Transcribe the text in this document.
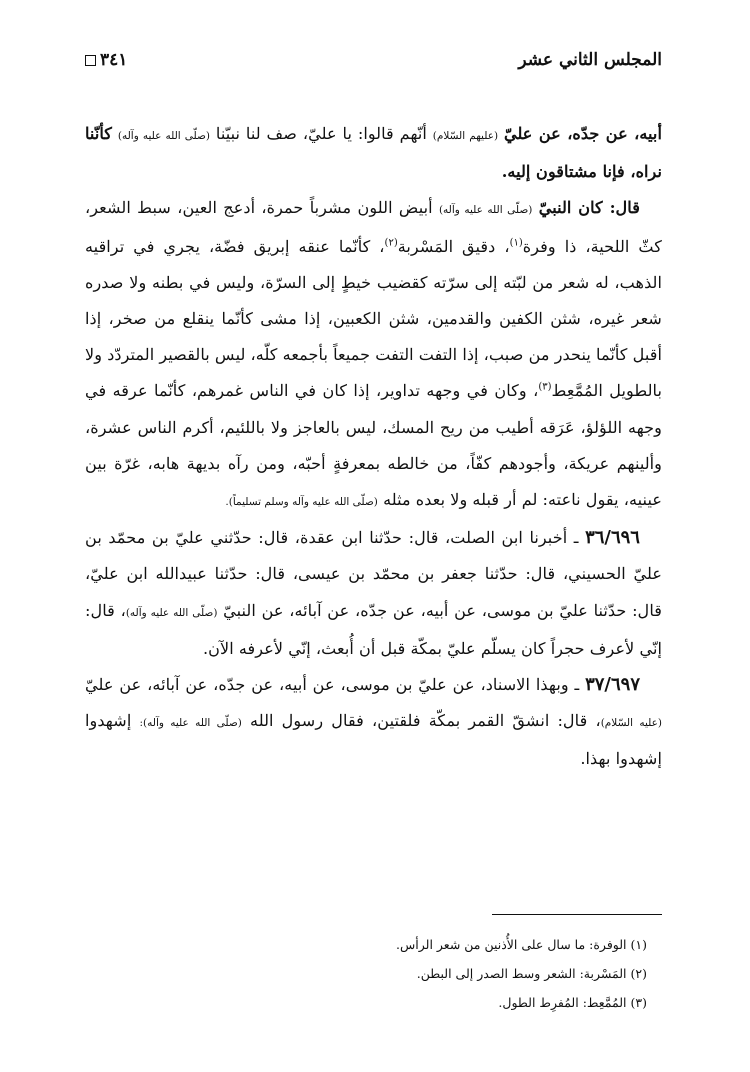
المجلس الثاني عشر
٣٤١

أبيه، عن جدّه، عن عليّ (عليهم السّلام) أنّهم قالوا: يا عليّ، صف لنا نبيّنا (صلّى الله عليه وآله) كأنّنا نراه، فإنا مشتاقون إليه.

قال: كان النبيّ (صلّى الله عليه وآله) أبيض اللون مشرباً حمرة، أدعج العين، سبط الشعر، كثّ اللحية، ذا وفرة$^{(١)}$، دقيق المَسْربة$^{(٢)}$، كأنّما عنقه إبريق فضّة، يجري في تراقيه الذهب، له شعر من لبّته إلى سرّته كقضيب خيطٍ إلى السرّة، وليس في بطنه ولا صدره شعر غيره، شثن الكفين والقدمين، شثن الكعبين، إذا مشى كأنّما ينقلع من صخر، إذا أقبل كأنّما ينحدر من صبب، إذا التفت التفت جميعاً بأجمعه كلّه، ليس بالقصير المتردّد ولا بالطويل المُمَّعِط$^{(٣)}$، وكان في وجهه تداوير، إذا كان في الناس غمرهم، كأنّما عرقه في وجهه اللؤلؤ، عَرَقه أطيب من ريح المسك، ليس بالعاجز ولا باللئيم، أكرم الناس عشرة، وألينهم عريكة، وأجودهم كفّاً، من خالطه بمعرفةٍ أحبّه، ومن رآه بديهة هابه، غرّة بين عينيه، يقول ناعته: لم أر قبله ولا بعده مثله (صلّى الله عليه وآله وسلم تسليماً).

٣٦/٦٩٦ ـ أخبرنا ابن الصلت، قال: حدّثنا ابن عقدة، قال: حدّثني عليّ بن محمّد بن عليّ الحسيني، قال: حدّثنا جعفر بن محمّد بن عيسى، قال: حدّثنا عبيدالله ابن عليّ، قال: حدّثنا عليّ بن موسى، عن أبيه، عن جدّه، عن آبائه، عن النبيّ (صلّى الله عليه وآله)، قال: إنّي لأعرف حجراً كان يسلّم عليّ بمكّة قبل أن أُبعث، إنّي لأعرفه الآن.

٣٧/٦٩٧ ـ وبهذا الاسناد، عن عليّ بن موسى، عن أبيه، عن جدّه، عن آبائه، عن عليّ (عليه السّلام)، قال: انشقّ القمر بمكّة فلقتين، فقال رسول الله (صلّى الله عليه وآله): إشهدوا إشهدوا بهذا.

(١) الوفرة: ما سال على الأُذنين من شعر الرأس.
(٢) المَسْربة: الشعر وسط الصدر إلى البطن.
(٣) المُمَّعِط: المُفرِط الطول.
